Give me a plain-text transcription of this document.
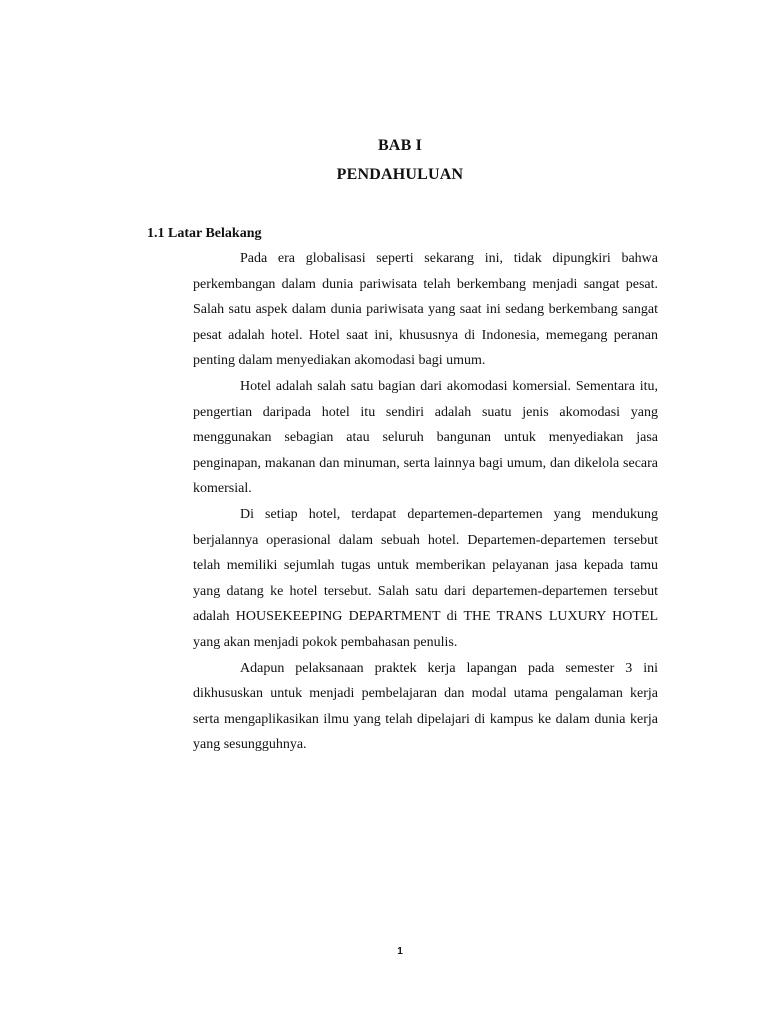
BAB I
PENDAHULUAN
1.1 Latar Belakang

Pada era globalisasi seperti sekarang ini, tidak dipungkiri bahwa perkembangan dalam dunia pariwisata telah berkembang menjadi sangat pesat. Salah satu aspek dalam dunia pariwisata yang saat ini sedang berkembang sangat pesat adalah hotel. Hotel saat ini, khususnya di Indonesia, memegang peranan penting dalam menyediakan akomodasi bagi umum.

Hotel adalah salah satu bagian dari akomodasi komersial. Sementara itu, pengertian daripada hotel itu sendiri adalah suatu jenis akomodasi yang menggunakan sebagian atau seluruh bangunan untuk menyediakan jasa penginapan, makanan dan minuman, serta lainnya bagi umum, dan dikelola secara komersial.

Di setiap hotel, terdapat departemen-departemen yang mendukung berjalannya operasional dalam sebuah hotel. Departemen-departemen tersebut telah memiliki sejumlah tugas untuk memberikan pelayanan jasa kepada tamu yang datang ke hotel tersebut. Salah satu dari departemen-departemen tersebut adalah HOUSEKEEPING DEPARTMENT di THE TRANS LUXURY HOTEL yang akan menjadi pokok pembahasan penulis.

Adapun pelaksanaan praktek kerja lapangan pada semester 3 ini dikhususkan untuk menjadi pembelajaran dan modal utama pengalaman kerja serta mengaplikasikan ilmu yang telah dipelajari di kampus ke dalam dunia kerja yang sesungguhnya.

1
